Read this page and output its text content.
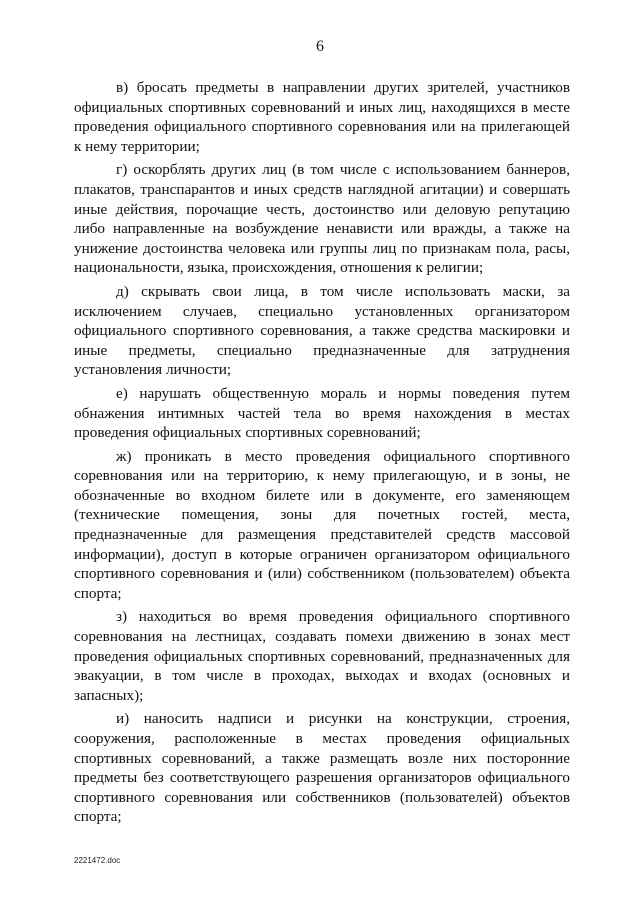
6

в) бросать предметы в направлении других зрителей, участников официальных спортивных соревнований и иных лиц, находящихся в месте проведения официального спортивного соревнования или на прилегающей к нему территории;

г) оскорблять других лиц (в том числе с использованием баннеров, плакатов, транспарантов и иных средств наглядной агитации) и совершать иные действия, порочащие честь, достоинство или деловую репутацию либо направленные на возбуждение ненависти или вражды, а также на унижение достоинства человека или группы лиц по признакам пола, расы, национальности, языка, происхождения, отношения к религии;

д) скрывать свои лица, в том числе использовать маски, за исключением случаев, специально установленных организатором официального спортивного соревнования, а также средства маскировки и иные предметы, специально предназначенные для затруднения установления личности;

е) нарушать общественную мораль и нормы поведения путем обнажения интимных частей тела во время нахождения в местах проведения официальных спортивных соревнований;

ж) проникать в место проведения официального спортивного соревнования или на территорию, к нему прилегающую, и в зоны, не обозначенные во входном билете или в документе, его заменяющем (технические помещения, зоны для почетных гостей, места, предназначенные для размещения представителей средств массовой информации), доступ в которые ограничен организатором официального спортивного соревнования и (или) собственником (пользователем) объекта спорта;

з) находиться во время проведения официального спортивного соревнования на лестницах, создавать помехи движению в зонах мест проведения официальных спортивных соревнований, предназначенных для эвакуации, в том числе в проходах, выходах и входах (основных и запасных);

и) наносить надписи и рисунки на конструкции, строения, сооружения, расположенные в местах проведения официальных спортивных соревнований, а также размещать возле них посторонние предметы без соответствующего разрешения организаторов официального спортивного соревнования или собственников (пользователей) объектов спорта;

2221472.doc
